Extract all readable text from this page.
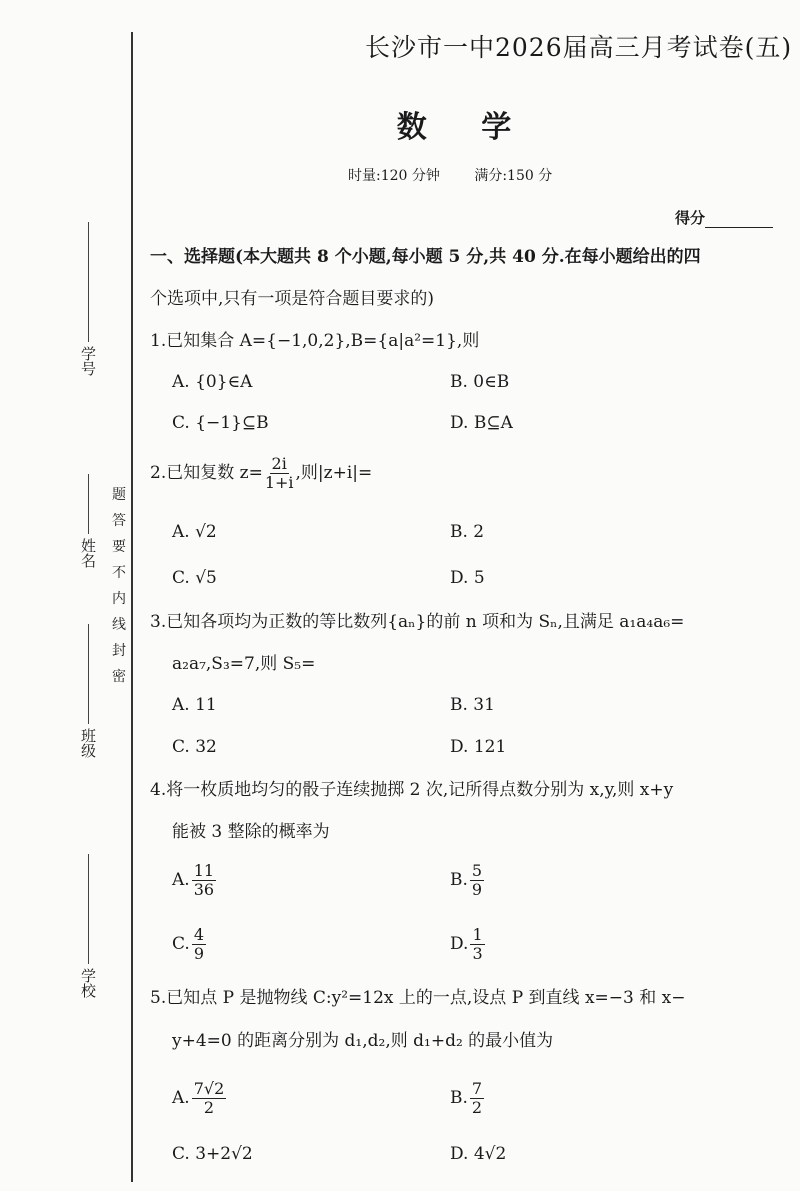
学号
姓名
班级
学校
题
答
要
不
内
线
封
密
长沙市一中2026届高三月考试卷(五)
数 学
时量:120 分钟 满分:150 分
得分
一、选择题(本大题共 8 个小题,每小题 5 分,共 40 分.在每小题给出的四
个选项中,只有一项是符合题目要求的)
1.已知集合 A={−1,0,2},B={a|a²=1},则
A. {0}∈A	B. 0∈B
C. {−1}⊆B	D. B⊆A
2.已知复数 $z= \frac{2i}{1+i}$ ,则|z+i|=
A. √2	B. 2
C. √5	D. 5
3.已知各项均为正数的等比数列{aₙ}的前 n 项和为 Sₙ,且满足 a₁a₄a₆=
a₂a₇,S₃=7,则 S₅=
A. 11	B. 31
C. 32	D. 121
4.将一枚质地均匀的骰子连续抛掷 2 次,记所得点数分别为 x,y,则 x+y
能被 3 整除的概率为
A. $\frac{11}{36}$	B. $\frac{5}{9}$
C. $\frac{4}{9}$	D. $\frac{1}{3}$
5.已知点 P 是抛物线 C:y²=12x 上的一点,设点 P 到直线 x=−3 和 x−
y+4=0 的距离分别为 d₁,d₂,则 d₁+d₂ 的最小值为
A. $\frac{7√2}{2}$	B. $\frac{7}{2}$
C. 3+2√2	D. 4√2
